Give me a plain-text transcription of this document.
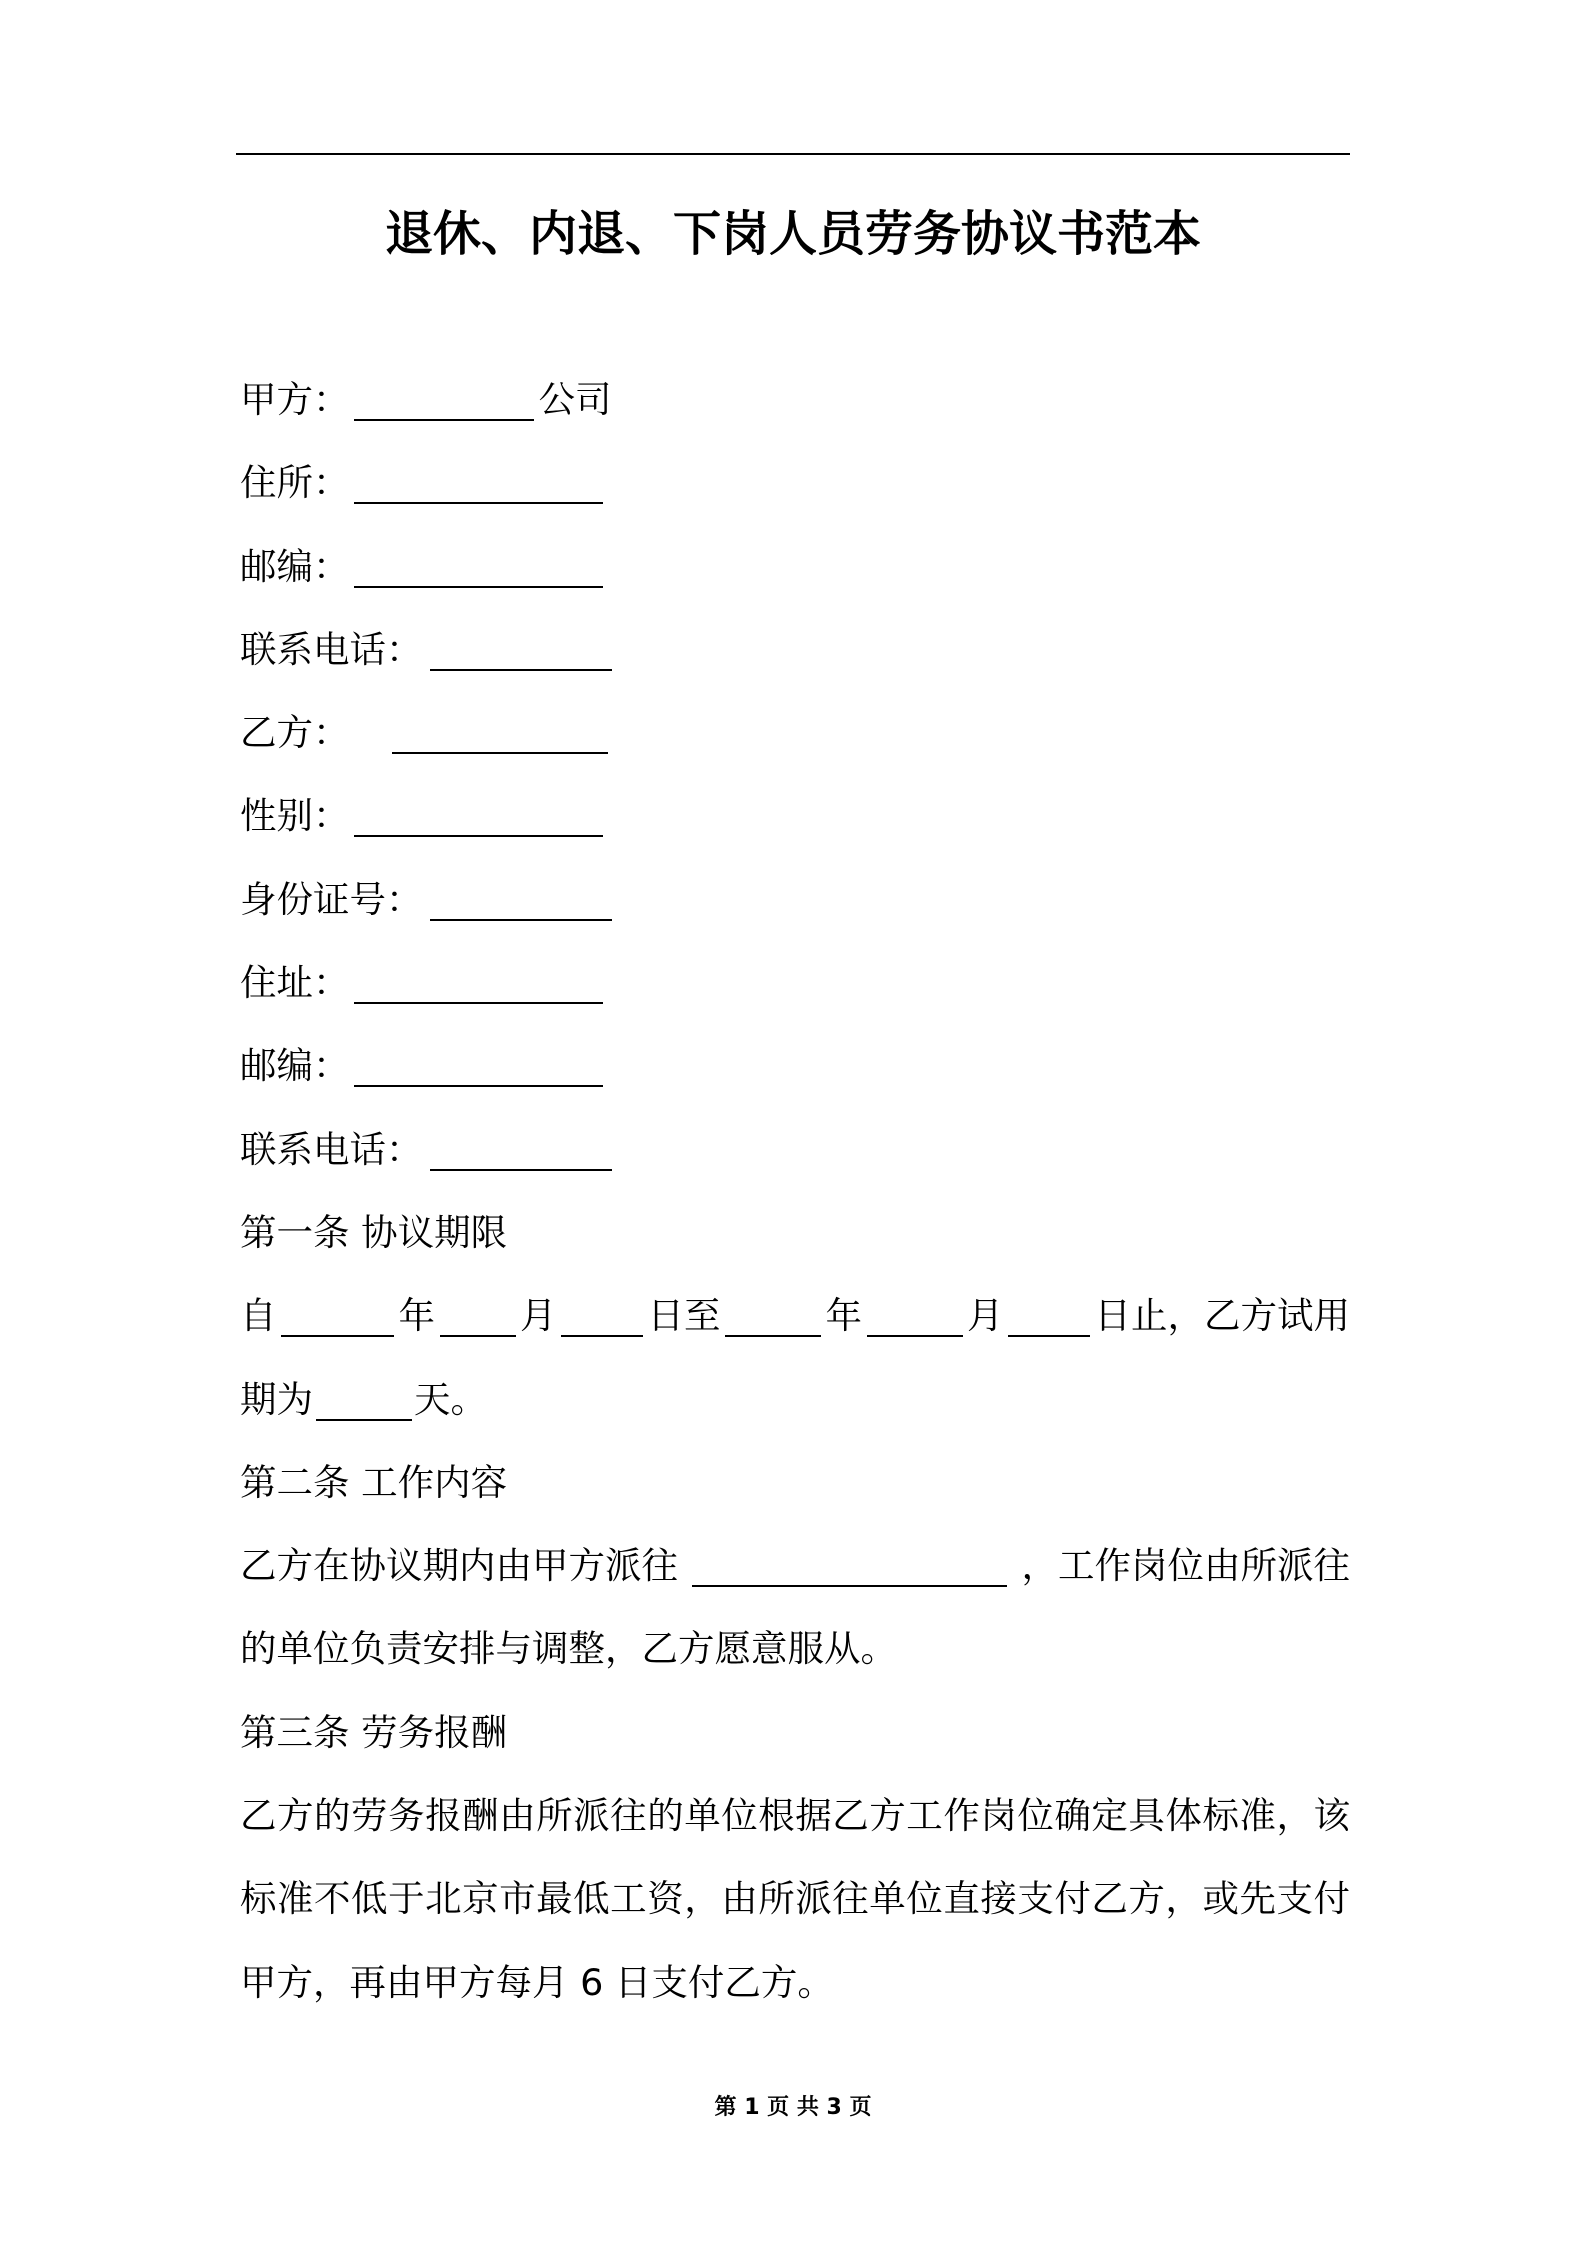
退休、内退、下岗人员劳务协议书范本
甲方：	公司
住所：
邮编：
联系电话：
乙方：
性别：
身份证号：
住址：
邮编：
联系电话：
第一条 协议期限
自	年 月 日至	年	月 日止，乙方试用
期为	天。
第二条 工作内容
乙方在协议期内由甲方派往	，工作岗位由所派往
的单位负责安排与调整，乙方愿意服从。
第三条 劳务报酬
乙方的劳务报酬由所派往的单位根据乙方工作岗位确定具体标准，该
标准不低于北京市最低工资，由所派往单位直接支付乙方，或先支付
甲方，再由甲方每月 6 日支付乙方。
第 1 页 共 3 页
